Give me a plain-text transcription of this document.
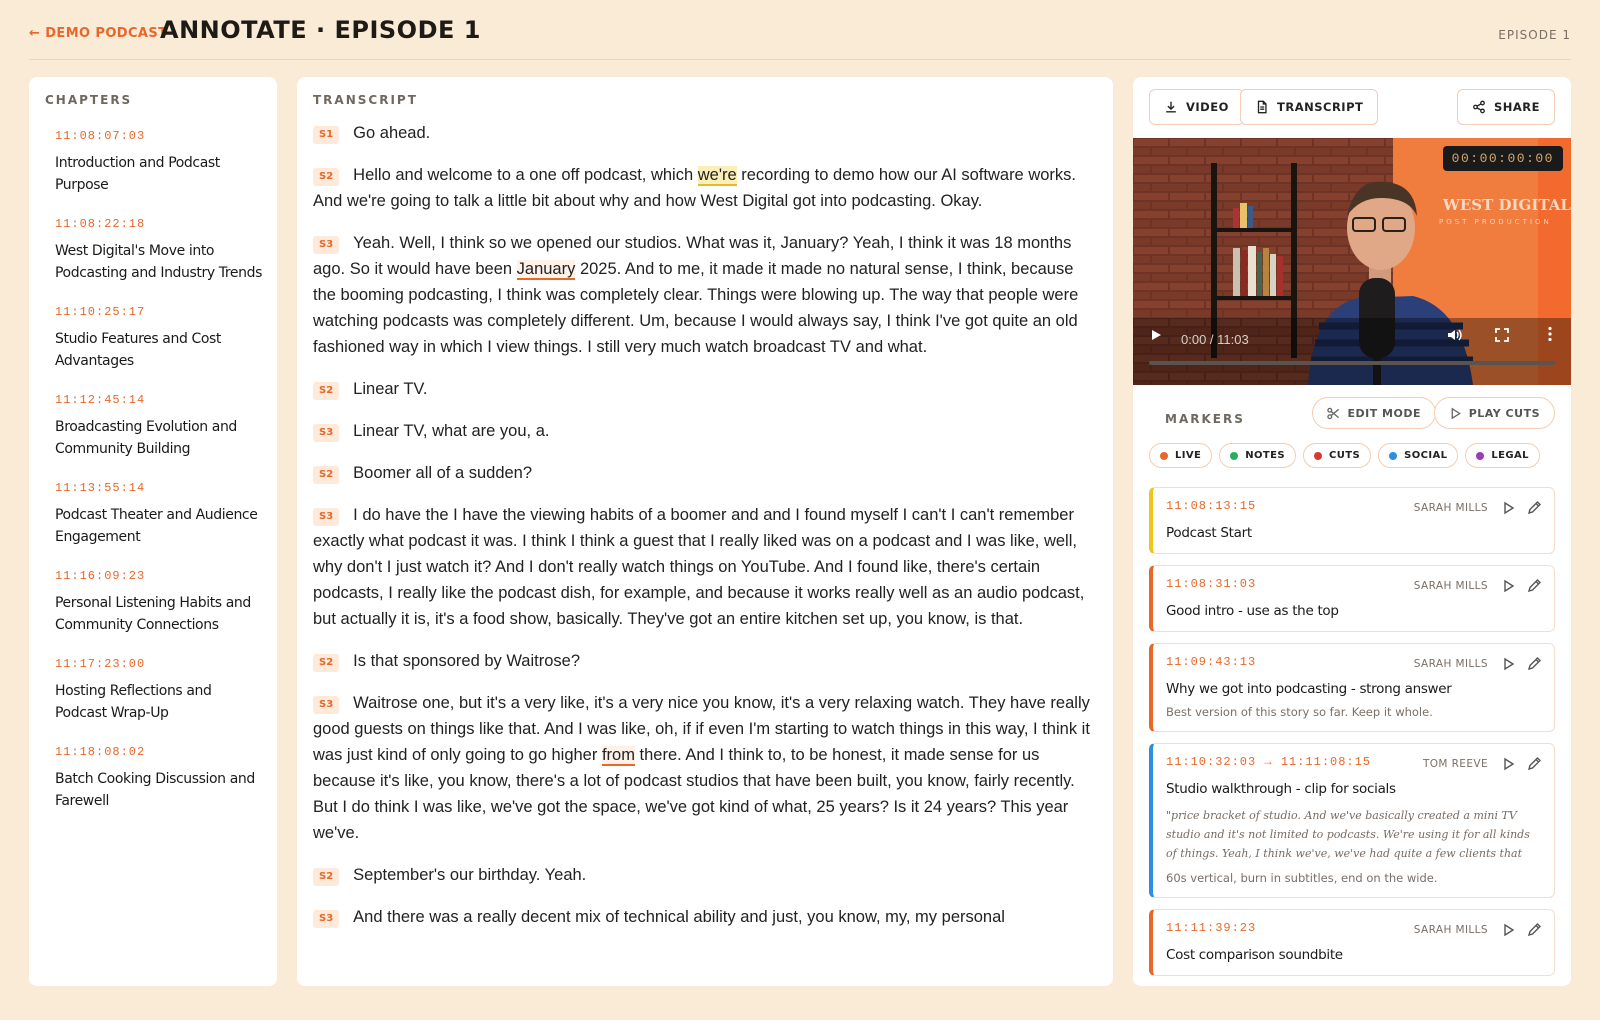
← DEMO PODCAST
ANNOTATE · EPISODE 1	EPISODE 1
CHAPTERS
11:08:07:03
Introduction and Podcast Purpose
11:08:22:18
West Digital's Move into Podcasting and Industry Trends
11:10:25:17
Studio Features and Cost Advantages
11:12:45:14
Broadcasting Evolution and Community Building
11:13:55:14
Podcast Theater and Audience Engagement
11:16:09:23
Personal Listening Habits and Community Connections
11:17:23:00
Hosting Reflections and Podcast Wrap-Up
11:18:08:02
Batch Cooking Discussion and Farewell
TRANSCRIPT

S1 Go ahead.

S2 Hello and welcome to a one off podcast, which we're recording to demo how our AI software works. And we're going to talk a little bit about why and how West Digital got into podcasting. Okay.

S3 Yeah. Well, I think so we opened our studios. What was it, January? Yeah, I think it was 18 months ago. So it would have been January 2025. And to me, it made it made no natural sense, I think, because the booming podcasting, I think was completely clear. Things were blowing up. The way that people were watching podcasts was completely different. Um, because I would always say, I think I've got quite an old fashioned way in which I view things. I still very much watch broadcast TV and what.

S2 Linear TV.

S3 Linear TV, what are you, a.

S2 Boomer all of a sudden?

S3 I do have the I have the viewing habits of a boomer and and I found myself I can't I can't remember exactly what podcast it was. I think I think a guest that I really liked was on a podcast and I was like, well, why don't I just watch it? And I don't really watch things on YouTube. And I found like, there's certain podcasts, I really like the podcast dish, for example, and because it works really well as an audio podcast, but actually it is, it's a food show, basically. They've got an entire kitchen set up, you know, is that.

S2 Is that sponsored by Waitrose?

S3 Waitrose one, but it's a very like, it's a very nice you know, it's a very relaxing watch. They have really good guests on things like that. And I was like, oh, if if even I'm starting to watch things in this way, I think it was just kind of only going to go higher from there. And I think to, to be honest, it made sense for us because it's like, you know, there's a lot of podcast studios that have been built, you know, fairly recently. But I do think I was like, we've got the space, we've got kind of what, 25 years? Is it 24 years? This year we've.

S2 September's our birthday. Yeah.

S3 And there was a really decent mix of technical ability and just, you know, my, my personal

VIDEO	TRANSCRIPT	SHARE
WEST DIGITAL
POST PRODUCTION
00:00:00:00
0:00 / 11:03
MARKERS	EDIT MODE	PLAY CUTS
LIVE	NOTES	CUTS	SOCIAL	LEGAL
11:08:13:15	SARAH MILLS
Podcast Start
11:08:31:03	SARAH MILLS
Good intro - use as the top
11:09:43:13	SARAH MILLS
Why we got into podcasting - strong answer
Best version of this story so far. Keep it whole.
11:10:32:03 → 11:11:08:15	TOM REEVE
Studio walkthrough - clip for socials
"price bracket of studio. And we've basically created a mini TV studio and it's not limited to podcasts. We're using it for all kinds of things. Yeah, I think we've, we've had quite a few clients that
60s vertical, burn in subtitles, end on the wide.
11:11:39:23	SARAH MILLS
Cost comparison soundbite
